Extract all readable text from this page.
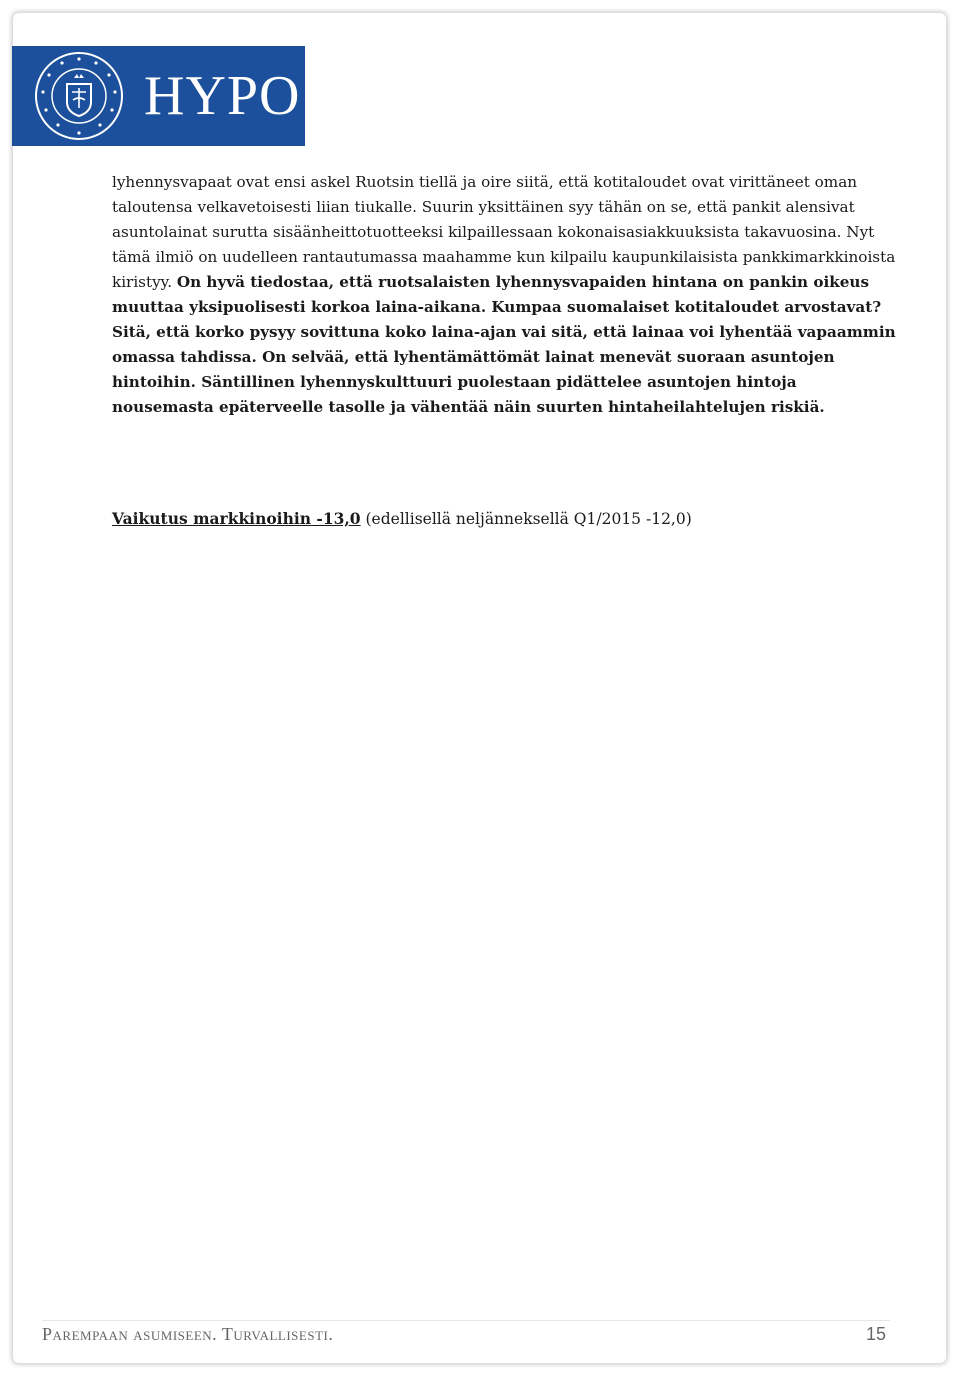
HYPO

lyhennysvapaat ovat ensi askel Ruotsin tiellä ja oire siitä, että kotitaloudet ovat virittäneet oman taloutensa velkavetoisesti liian tiukalle. Suurin yksittäinen syy tähän on se, että pankit alensivat asuntolainat surutta sisäänheittotuotteeksi kilpaillessaan kokonaisasiakkuuksista takavuosina. Nyt tämä ilmiö on uudelleen rantautumassa maahamme kun kilpailu kaupunkilaisista pankkimarkkinoista kiristyy. On hyvä tiedostaa, että ruotsalaisten lyhennysvapaiden hintana on pankin oikeus muuttaa yksipuolisesti korkoa laina-aikana. Kumpaa suomalaiset kotitaloudet arvostavat? Sitä, että korko pysyy sovittuna koko laina-ajan vai sitä, että lainaa voi lyhentää vapaammin omassa tahdissa. On selvää, että lyhentämättömät lainat menevät suoraan asuntojen hintoihin. Säntillinen lyhennyskulttuuri puolestaan pidättelee asuntojen hintoja nousemasta epäterveelle tasolle ja vähentää näin suurten hintaheilahtelujen riskiä.

Vaikutus markkinoihin -13,0 (edellisellä neljänneksellä Q1/2015 -12,0)

Parempaan asumiseen. Turvallisesti.	15
